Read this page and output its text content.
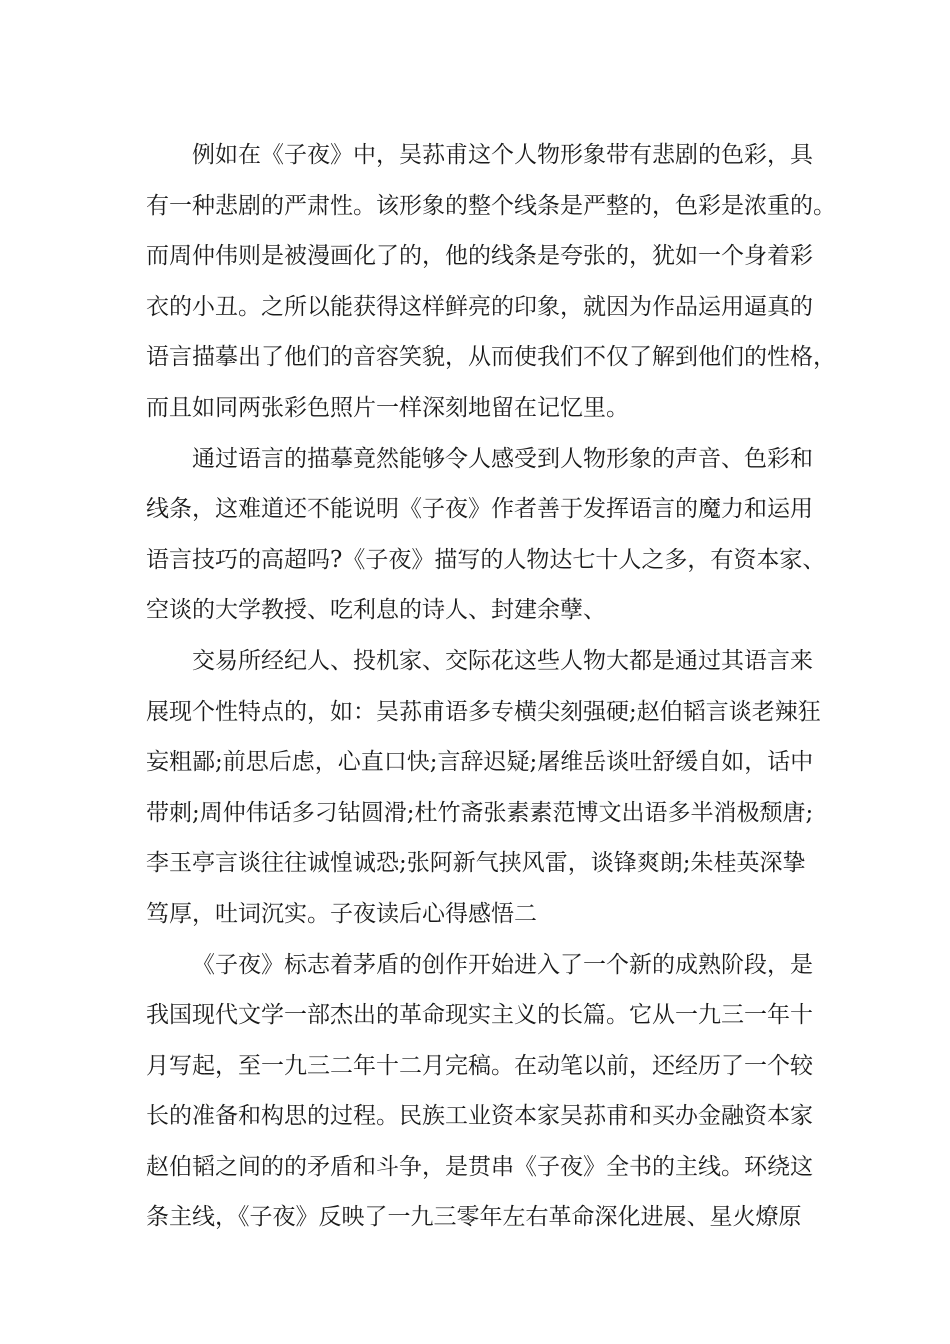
例如在《子夜》中，吴荪甫这个人物形象带有悲剧的色彩，具
有一种悲剧的严肃性。该形象的整个线条是严整的，色彩是浓重的。
而周仲伟则是被漫画化了的，他的线条是夸张的，犹如一个身着彩
衣的小丑。之所以能获得这样鲜亮的印象，就因为作品运用逼真的
语言描摹出了他们的音容笑貌，从而使我们不仅了解到他们的性格，
而且如同两张彩色照片一样深刻地留在记忆里。
通过语言的描摹竟然能够令人感受到人物形象的声音、色彩和
线条，这难道还不能说明《子夜》作者善于发挥语言的魔力和运用
语言技巧的高超吗?《子夜》描写的人物达七十人之多，有资本家、
空谈的大学教授、吃利息的诗人、封建余孽、
交易所经纪人、投机家、交际花这些人物大都是通过其语言来
展现个性特点的，如：吴荪甫语多专横尖刻强硬;赵伯韬言谈老辣狂
妄粗鄙;前思后虑，心直口快;言辞迟疑;屠维岳谈吐舒缓自如，话中
带刺;周仲伟话多刁钻圆滑;杜竹斋张素素范博文出语多半消极颓唐;
李玉亭言谈往往诚惶诚恐;张阿新气挟风雷，谈锋爽朗;朱桂英深挚
笃厚，吐词沉实。子夜读后心得感悟二
《子夜》标志着茅盾的创作开始进入了一个新的成熟阶段，是
我国现代文学一部杰出的革命现实主义的长篇。它从一九三一年十
月写起，至一九三二年十二月完稿。在动笔以前，还经历了一个较
长的准备和构思的过程。民族工业资本家吴荪甫和买办金融资本家
赵伯韬之间的的矛盾和斗争，是贯串《子夜》全书的主线。环绕这
条主线，《子夜》反映了一九三零年左右革命深化进展、星火燎原
